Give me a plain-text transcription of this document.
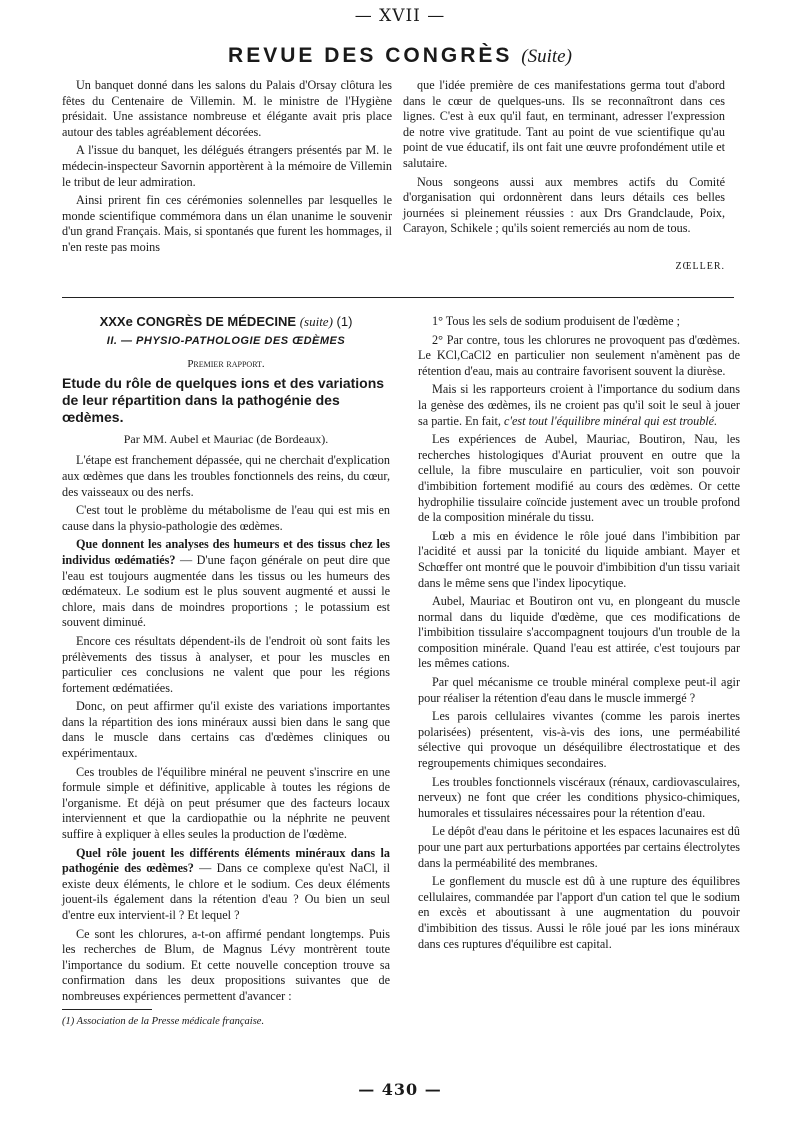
— XVII —
REVUE DES CONGRÈS (Suite)

Un banquet donné dans les salons du Palais d'Orsay clôtura les fêtes du Centenaire de Villemin. M. le ministre de l'Hygiène présidait. Une assistance nombreuse et élégante avait pris place autour des tables agréablement décorées.

A l'issue du banquet, les délégués étrangers présentés par M. le médecin-inspecteur Savornin apportèrent à la mémoire de Villemin le tribut de leur admiration.

Ainsi prirent fin ces cérémonies solennelles par lesquelles le monde scientifique commémora dans un élan unanime le souvenir d'un grand Français. Mais, si spontanés que furent les hommages, il n'en reste pas moins

que l'idée première de ces manifestations germa tout d'abord dans le cœur de quelques-uns. Ils se reconnaîtront dans ces lignes. C'est à eux qu'il faut, en terminant, adresser l'expression de notre vive gratitude. Tant au point de vue scientifique qu'au point de vue éducatif, ils ont fait une œuvre profondément utile et salutaire.

Nous songeons aussi aux membres actifs du Comité d'organisation qui ordonnèrent dans leurs détails ces belles journées si pleinement réussies : aux Drs Grandclaude, Poix, Carayon, Schikele ; qu'ils soient remerciés au nom de tous.

ZŒLLER.
XXXe CONGRÈS DE MÉDECINE (suite) (1)
II. — PHYSIO-PATHOLOGIE DES ŒDÈMES
Premier rapport.
Etude du rôle de quelques ions et des variations de leur répartition dans la pathogénie des œdèmes.
Par MM. Aubel et Mauriac (de Bordeaux).

L'étape est franchement dépassée, qui ne cherchait d'explication aux œdèmes que dans les troubles fonctionnels des reins, du cœur, des vaisseaux ou des nerfs.

C'est tout le problème du métabolisme de l'eau qui est mis en cause dans la physio-pathologie des œdèmes.

Que donnent les analyses des humeurs et des tissus chez les individus œdématiés? — D'une façon générale on peut dire que l'eau est toujours augmentée dans les tissus ou les humeurs des œdémateux. Le sodium est le plus souvent augmenté et aussi le chlore, mais dans de moindres proportions ; le potassium est souvent diminué.

Encore ces résultats dépendent-ils de l'endroit où sont faits les prélèvements des tissus à analyser, et pour les muscles en particulier ces conclusions ne valent que pour les régions fortement œdématiées.

Donc, on peut affirmer qu'il existe des variations importantes dans la répartition des ions minéraux aussi bien dans le sang que dans le muscle dans certains cas d'œdèmes cliniques ou expérimentaux.

Ces troubles de l'équilibre minéral ne peuvent s'inscrire en une formule simple et définitive, applicable à toutes les régions de l'organisme. Et déjà on peut présumer que des facteurs locaux interviennent et que la cardiopathie ou la néphrite ne peuvent suffire à expliquer à elles seules la production de l'œdème.

Quel rôle jouent les différents éléments minéraux dans la pathogénie des œdèmes? — Dans ce complexe qu'est NaCl, il existe deux éléments, le chlore et le sodium. Ces deux éléments jouent-ils également dans la rétention d'eau ? Ou bien un seul d'entre eux intervient-il ? Et lequel ?

Ce sont les chlorures, a-t-on affirmé pendant longtemps. Puis les recherches de Blum, de Magnus Lévy montrèrent toute l'importance du sodium. Et cette nouvelle conception trouve sa confirmation dans les deux propositions suivantes que de nombreuses expériences permettent d'avancer :

(1) Association de la Presse médicale française.

1° Tous les sels de sodium produisent de l'œdème ;

2° Par contre, tous les chlorures ne provoquent pas d'œdèmes. Le KCl,CaCl2 en particulier non seulement n'amènent pas de rétention d'eau, mais au contraire favorisent souvent la diurèse.

Mais si les rapporteurs croient à l'importance du sodium dans la genèse des œdèmes, ils ne croient pas qu'il soit le seul à jouer sa partie. En fait, c'est tout l'équilibre minéral qui est troublé.

Les expériences de Aubel, Mauriac, Boutiron, Nau, les recherches histologiques d'Auriat prouvent en outre que la cellule, la fibre musculaire en particulier, voit son pouvoir d'imbibition fortement modifié au cours des œdèmes. Or cette hydrophilie tissulaire coïncide justement avec un trouble profond de la composition minérale du tissu.

Lœb a mis en évidence le rôle joué dans l'imbibition par l'acidité et aussi par la tonicité du liquide ambiant. Mayer et Schœffer ont montré que le pouvoir d'imbibition d'un tissu variait dans le même sens que l'index lipocytique.

Aubel, Mauriac et Boutiron ont vu, en plongeant du muscle normal dans du liquide d'œdème, que ces modifications de l'imbibition tissulaire s'accompagnent toujours d'un trouble de la composition minérale. Quand l'eau est attirée, c'est toujours par les mêmes cations.

Par quel mécanisme ce trouble minéral complexe peut-il agir pour réaliser la rétention d'eau dans le muscle immergé ?

Les parois cellulaires vivantes (comme les parois inertes polarisées) présentent, vis-à-vis des ions, une perméabilité sélective qui provoque un déséquilibre électrostatique et des regroupements chimiques secondaires.

Les troubles fonctionnels viscéraux (rénaux, cardiovasculaires, nerveux) ne font que créer les conditions physico-chimiques, humorales et tissulaires nécessaires pour la rétention d'eau.

Le dépôt d'eau dans le péritoine et les espaces lacunaires est dû pour une part aux perturbations apportées par certains électrolytes dans la perméabilité des membranes.

Le gonflement du muscle est dû à une rupture des équilibres cellulaires, commandée par l'apport d'un cation tel que le sodium en excès et aboutissant à une augmentation du pouvoir d'imbibition des tissus. Aussi le rôle joué par les ions minéraux dans ces ruptures d'équilibre est capital.

— 430 —
